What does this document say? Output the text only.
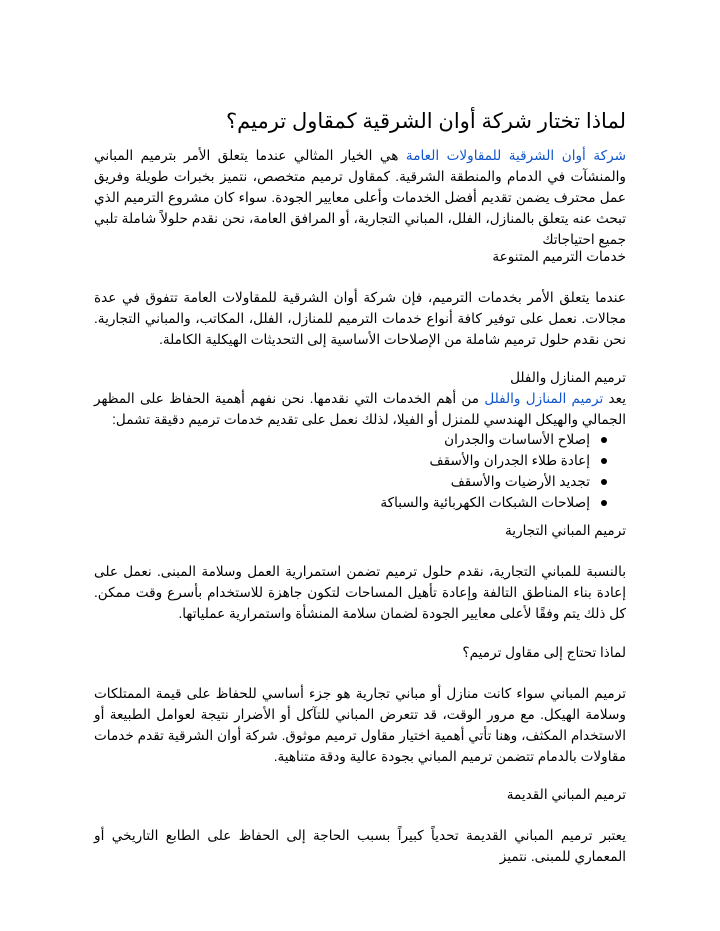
لماذا تختار شركة أوان الشرقية كمقاول ترميم؟
شركة أوان الشرقية للمقاولات العامة هي الخيار المثالي عندما يتعلق الأمر بترميم المباني والمنشآت في الدمام والمنطقة الشرقية. كمقاول ترميم متخصص، نتميز بخبرات طويلة وفريق عمل محترف يضمن تقديم أفضل الخدمات وأعلى معايير الجودة. سواء كان مشروع الترميم الذي تبحث عنه يتعلق بالمنازل، الفلل، المباني التجارية، أو المرافق العامة، نحن نقدم حلولاً شاملة تلبي جميع احتياجاتك
خدمات الترميم المتنوعة
عندما يتعلق الأمر بخدمات الترميم، فإن شركة أوان الشرقية للمقاولات العامة تتفوق في عدة مجالات. نعمل على توفير كافة أنواع خدمات الترميم للمنازل، الفلل، المكاتب، والمباني التجارية. نحن نقدم حلول ترميم شاملة من الإصلاحات الأساسية إلى التحديثات الهيكلية الكاملة.
ترميم المنازل والفلل
يعد ترميم المنازل والفلل من أهم الخدمات التي نقدمها. نحن نفهم أهمية الحفاظ على المظهر الجمالي والهيكل الهندسي للمنزل أو الفيلا، لذلك نعمل على تقديم خدمات ترميم دقيقة تشمل:
إصلاح الأساسات والجدران
إعادة طلاء الجدران والأسقف
تجديد الأرضيات والأسقف
إصلاحات الشبكات الكهربائية والسباكة
ترميم المباني التجارية
بالنسبة للمباني التجارية، نقدم حلول ترميم تضمن استمرارية العمل وسلامة المبنى. نعمل على إعادة بناء المناطق التالفة وإعادة تأهيل المساحات لتكون جاهزة للاستخدام بأسرع وقت ممكن. كل ذلك يتم وفقًا لأعلى معايير الجودة لضمان سلامة المنشأة واستمرارية عملياتها.
لماذا تحتاج إلى مقاول ترميم؟
ترميم المباني سواء كانت منازل أو مباني تجارية هو جزء أساسي للحفاظ على قيمة الممتلكات وسلامة الهيكل. مع مرور الوقت، قد تتعرض المباني للتآكل أو الأضرار نتيجة لعوامل الطبيعة أو الاستخدام المكثف، وهنا تأتي أهمية اختيار مقاول ترميم موثوق. شركة أوان الشرقية تقدم خدمات مقاولات بالدمام تتضمن ترميم المباني بجودة عالية ودقة متناهية.
ترميم المباني القديمة
يعتبر ترميم المباني القديمة تحدياً كبيراً بسبب الحاجة إلى الحفاظ على الطابع التاريخي أو المعماري للمبنى. نتميز
